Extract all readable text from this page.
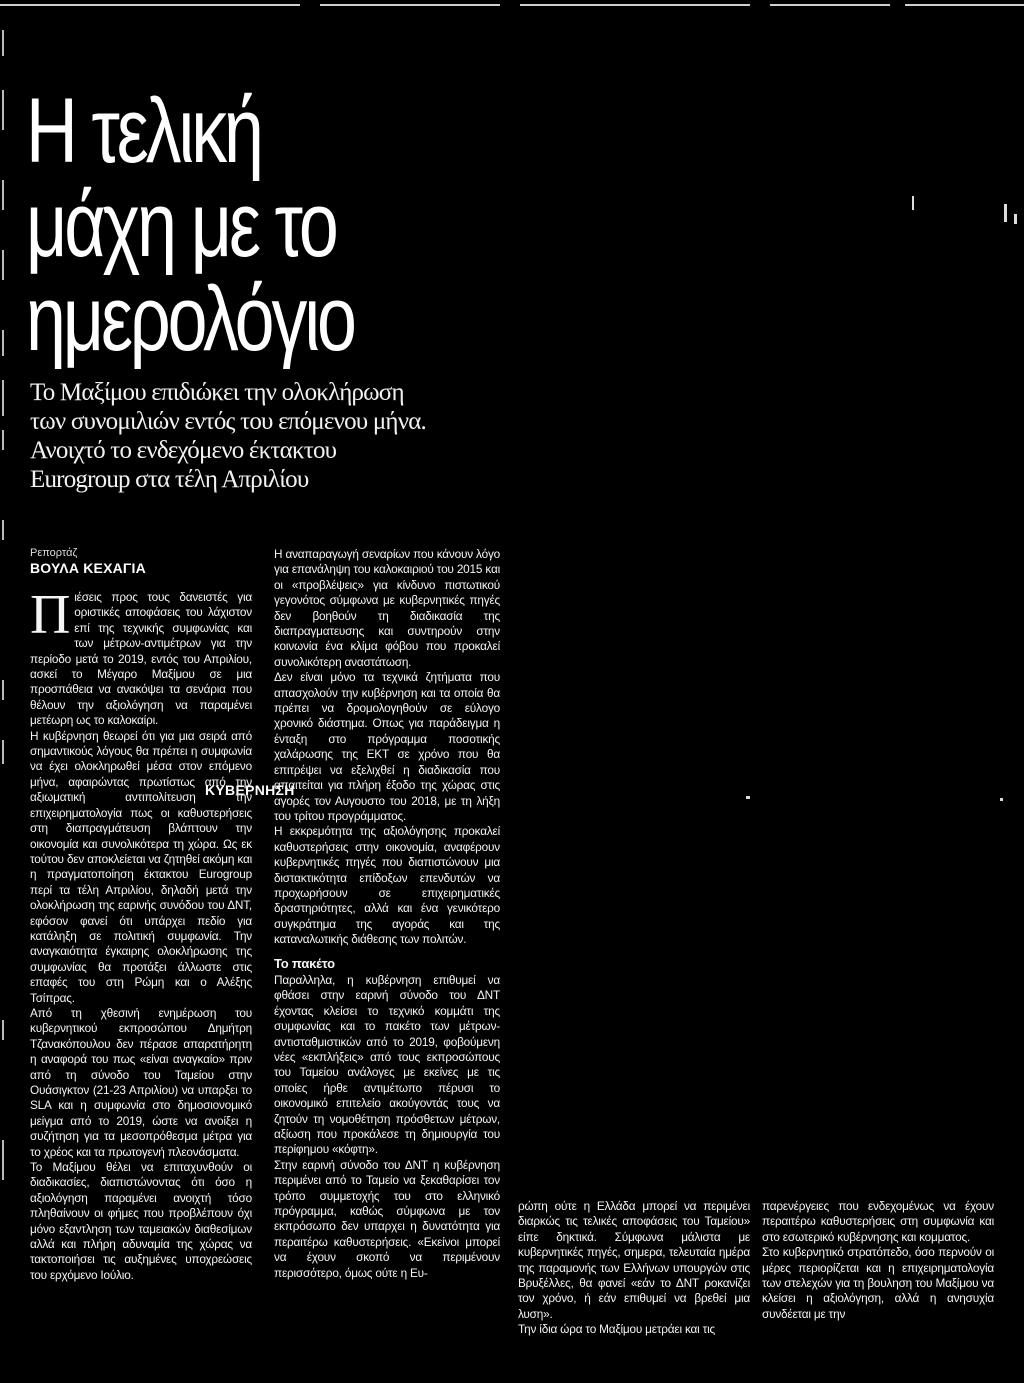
Η τελική
μάχη με το
ημερολόγιο
Το Μαξίμου επιδιώκει την ολοκλήρωση
των συνομιλιών εντός του επόμενου μήνα.
Ανοιχτό το ενδεχόμενο έκτακτου
Eurogroup στα τέλη Απριλίου
Ρεπορτάζ
ΒΟΥΛΑ ΚΕΧΑΓΙΑ
ΚΥΒΕΡΝΗΣΗ
Π ιέσεις προς τους δανειστές για οριστικές αποφάσεις του λάχιστον επί της τεχνικής συμφωνίας και των μέτρων-αντιμέτρων για την περίοδο μετά το 2019, εντός του Απριλίου, ασκεί το Μέγαρο Μαξίμου σε μια προσπάθεια να ανακόψει τα σενάρια που θέλουν την αξιολόγηση να παραμένει μετέωρη ως το καλοκαίρι.

Η κυβέρνηση θεωρεί ότι για μια σειρά από σημαντικούς λόγους θα πρέπει η συμφωνία να έχει ολοκληρωθεί μέσα στον επόμενο μήνα, αφαιρώντας πρωτίστως από την αξιωματική αντιπολίτευση την επιχειρηματολογία πως οι καθυστερήσεις στη διαπραγμάτευση βλάπτουν την οικονομία και συνολικότερα τη χώρα. Ως εκ τούτου δεν αποκλείεται να ζητηθεί ακόμη και η πραγματοποίηση έκτακτου Eurogroup περί τα τέλη Απριλίου, δηλαδή μετά την ολοκλήρωση της εαρινής συνόδου του ΔΝΤ, εφόσον φανεί ότι υπάρχει πεδίο για κατάληξη σε πολιτική συμφωνία. Την αναγκαιότητα έγκαιρης ολοκλήρωσης της συμφωνίας θα προτάξει άλλωστε στις επαφές του στη Ρώμη και ο Αλέξης Τσίπρας.

Από τη χθεσινή ενημέρωση του κυβερνητικού εκπροσώπου Δημήτρη Τζανακόπουλου δεν πέρασε απαρατήρητη η αναφορά του πως «είναι αναγκαίο» πριν από τη σύνοδο του Ταμείου στην Ουάσιγκτον (21-23 Απριλίου) να υπαρξει το SLA και η συμφωνία στο δημοσιονομικό μείγμα από το 2019, ώστε να ανοίξει η συζήτηση για τα μεσοπρόθεσμα μέτρα για το χρέος και τα πρωτογενή πλεονάσματα.

Το Μαξίμου θέλει να επιταχυνθούν οι διαδικασίες, διαπιστώνοντας ότι όσο η αξιολόγηση παραμένει ανοιχτή τόσο πληθαίνουν οι φήμες που προβλέπουν όχι μόνο εξαντληση των ταμειακών διαθεσίμων αλλά και πλήρη αδυναμία της χώρας να τακτοποιήσει τις αυξημένες υποχρεώσεις του ερχόμενο Ιούλιο.

Η αναπαραγωγή σεναρίων που κάνουν λόγο για επανάληψη του καλοκαιριού του 2015 και οι «προβλέψεις» για κίνδυνο πιστωτικού γεγονότος σύμφωνα με κυβερνητικές πηγές δεν βοηθούν τη διαδικασία της διαπραγματευσης και συντηρούν στην κοινωνία ένα κλίμα φόβου που προκαλεί συνολικότερη αναστάτωση.

Δεν είναι μόνο τα τεχνικά ζητήματα που απασχολούν την κυβέρνηση και τα οποία θα πρέπει να δρομολογηθούν σε εύλογο χρονικό διάστημα. Οπως για παράδειγμα η ένταξη στο πρόγραμμα ποσοτικής χαλάρωσης της ΕΚΤ σε χρόνο που θα επιτρέψει να εξελιχθεί η διαδικασία που απαιτείται για πλήρη έξοδο της χώρας στις αγορές τον Αυγουστο του 2018, με τη λήξη του τρίτου προγράμματος.

Η εκκρεμότητα της αξιολόγησης προκαλεί καθυστερήσεις στην οικονομία, αναφέρουν κυβερνητικές πηγές που διαπιστώνουν μια διστακτικότητα επίδοξων επενδυτών να προχωρήσουν σε επιχειρηματικές δραστηριότητες, αλλά και ένα γενικότερο συγκράτημα της αγοράς και της καταναλωτικής διάθεσης των πολιτών.

Το πακέτο

Παραλληλα, η κυβέρνηση επιθυμεί να φθάσει στην εαρινή σύνοδο του ΔΝΤ έχοντας κλείσει το τεχνικό κομμάτι της συμφωνίας και το πακέτο των μέτρων-αντισταθμιστικών από το 2019, φοβούμενη νέες «εκπλήξεις» από τους εκπροσώπους του Ταμείου ανάλογες με εκείνες με τις οποίες ήρθε αντιμέτωπο πέρυσι το οικονομικό επιτελείο ακούγοντάς τους να ζητούν τη νομοθέτηση πρόσθετων μέτρων, αξίωση που προκάλεσε τη δημιουργία του περίφημου «κόφτη».

Στην εαρινή σύνοδο του ΔΝΤ η κυβέρνηση περιμένει από το Ταμείο να ξεκαθαρίσει τον τρόπο συμμετοχής του στο ελληνικό πρόγραμμα, καθώς σύμφωνα με τον εκπρόσωπο δεν υπαρχει η δυνατότητα για περαιτέρω καθυστερήσεις. «Εκείνοι μπορεί να έχουν σκοπό να περιμένουν περισσότερο, όμως ούτε η Ευ-

ρώπη ούτε η Ελλάδα μπορεί να περιμένει διαρκώς τις τελικές αποφάσεις του Ταμείου» είπε δηκτικά. Σύμφωνα μάλιστα με κυβερνητικές πηγές, σημερα, τελευταία ημέρα της παραμονής των Ελλήνων υπουργών στις Βρυξέλλες, θα φανεί «εάν το ΔΝΤ ροκανίζει τον χρόνο, ή εάν επιθυμεί να βρεθεί μια λυση».

Την ίδια ώρα το Μαξίμου μετράει και τις

παρενέργειες που ενδεχομένως να έχουν περαιτέρω καθυστερήσεις στη συμφωνία και στο εσωτερικό κυβέρνησης και κομματος.

Στο κυβερνητικό στρατόπεδο, όσο περνούν οι μέρες περιορίζεται και η επιχειρηματολογία των στελεχών για τη βουληση του Μαξίμου να κλείσει η αξιολόγηση, αλλά η ανησυχία συνδέεται με την
